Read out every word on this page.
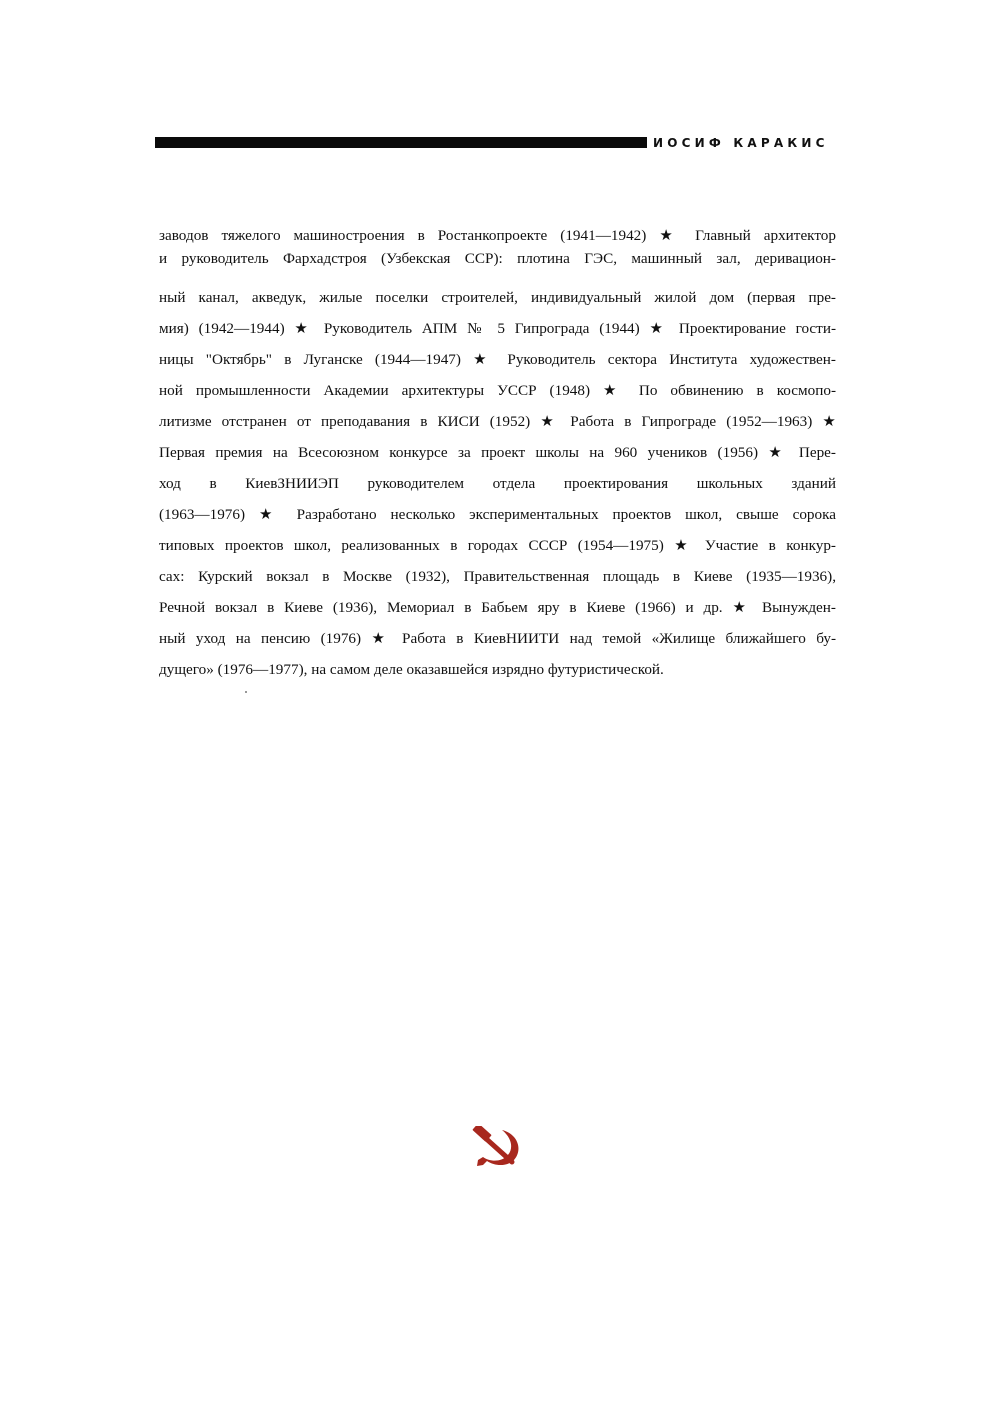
ИОСИФ КАРАКИС
заводов тяжелого машиностроения в Ростанкопроекте (1941—1942) ★ Главный архитектор
и руководитель Фархадстроя (Узбекская ССР): плотина ГЭС, машинный зал, деривацион-
ный канал, акведук, жилые поселки строителей, индивидуальный жилой дом (первая пре-
мия) (1942—1944) ★ Руководитель АПМ № 5 Гипрограда (1944) ★ Проектирование гости-
ницы "Октябрь" в Луганске (1944—1947) ★ Руководитель сектора Института художествен-
ной промышленности Академии архитектуры УССР (1948) ★ По обвинению в космопо-
литизме отстранен от преподавания в КИСИ (1952) ★ Работа в Гипрограде (1952—1963) ★
Первая премия на Всесоюзном конкурсе за проект школы на 960 учеников (1956) ★ Пере-
ход в КиевЗНИИЭП руководителем отдела проектирования школьных зданий
(1963—1976) ★ Разработано несколько экспериментальных проектов школ, свыше сорока
типовых проектов школ, реализованных в городах СССР (1954—1975) ★ Участие в конкур-
сах: Курский вокзал в Москве (1932), Правительственная площадь в Киеве (1935—1936),
Речной вокзал в Киеве (1936), Мемориал в Бабьем яру в Киеве (1966) и др. ★ Вынужден-
ный уход на пенсию (1976) ★ Работа в КиевНИИТИ над темой «Жилище ближайшего бу-
дущего» (1976—1977), на самом деле оказавшейся изрядно футуристической.
